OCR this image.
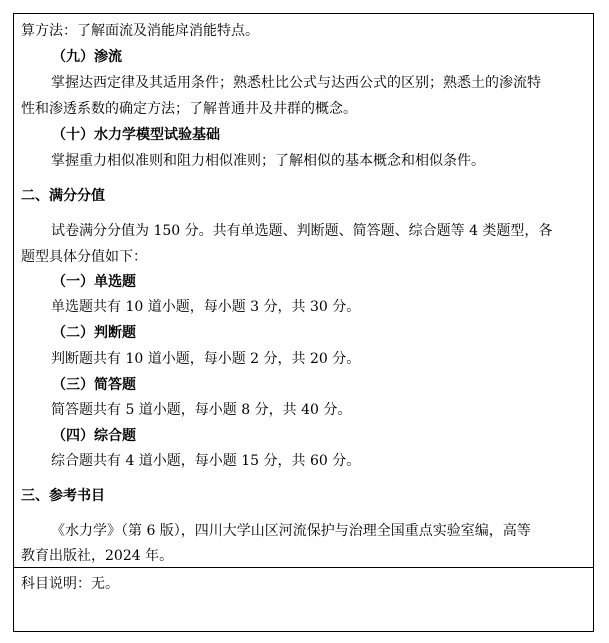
算方法：了解面流及消能戽消能特点。
（九）渗流
掌握达西定律及其适用条件；熟悉杜比公式与达西公式的区别；熟悉土的渗流特
性和渗透系数的确定方法；了解普通井及井群的概念。
（十）水力学模型试验基础
掌握重力相似准则和阻力相似准则；了解相似的基本概念和相似条件。
二、满分分值
试卷满分分值为 150 分。共有单选题、判断题、简答题、综合题等 4 类题型，各
题型具体分值如下：
（一）单选题
单选题共有 10 道小题，每小题 3 分，共 30 分。
（二）判断题
判断题共有 10 道小题，每小题 2 分，共 20 分。
（三）简答题
简答题共有 5 道小题，每小题 8 分，共 40 分。
（四）综合题
综合题共有 4 道小题，每小题 15 分，共 60 分。
三、参考书目
《水力学》（第 6 版），四川大学山区河流保护与治理全国重点实验室编，高等
教育出版社，2024 年。
科目说明：无。
